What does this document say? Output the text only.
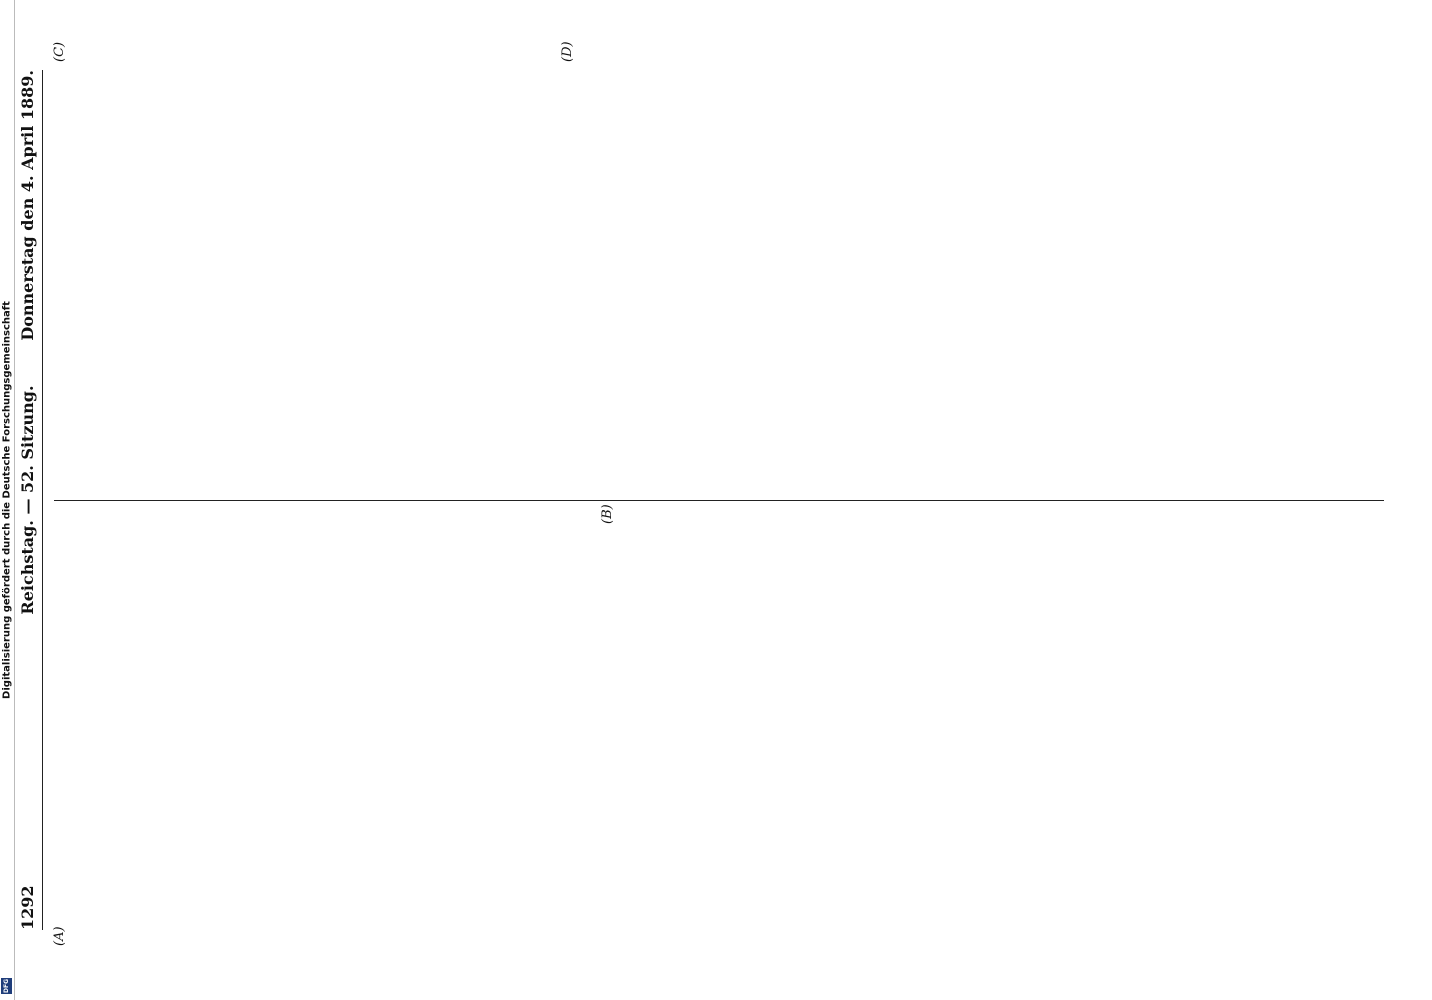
1292
Reichstag. — 52. Sitzung.
Donnerstag den 4. April 1889.
(A)
(B)
(C)	(D)

Digitalisierung gefördert durch die Deutsche Forschungsgemeinschaft
DFG
